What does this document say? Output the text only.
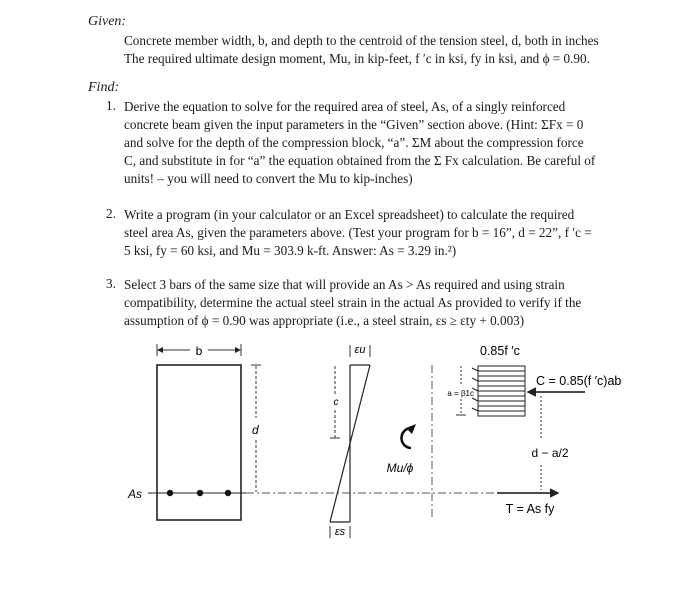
Given:
Concrete member width, b, and depth to the centroid of the tension steel, d, both in inches
The required ultimate design moment, Mu, in kip-feet, f ′c in ksi, fy in ksi, and ϕ = 0.90.
Find:
1. Derive the equation to solve for the required area of steel, As, of a singly reinforced
concrete beam given the input parameters in the “Given” section above. (Hint: ΣFx = 0
and solve for the depth of the compression block, “a”. ΣM about the compression force
C, and substitute in for “a” the equation obtained from the Σ Fx calculation. Be careful of
units! – you will need to convert the Mu to kip-inches)
2. Write a program (in your calculator or an Excel spreadsheet) to calculate the required
steel area As, given the parameters above. (Test your program for b = 16”, d = 22”, f ′c =
5 ksi, fy = 60 ksi, and Mu = 303.9 k-ft. Answer: As = 3.29 in.²)
3. Select 3 bars of the same size that will provide an As > As required and using strain
compatibility, determine the actual steel strain in the actual As provided to verify if the
assumption of ϕ = 0.90 was appropriate (i.e., a steel strain, εs ≥ εty + 0.003)
b
d
As
εu
c
εs
Mu/ϕ
0.85f ′c
a = β1c
C = 0.85(f ′c)ab
d − a/2
T = As fy
